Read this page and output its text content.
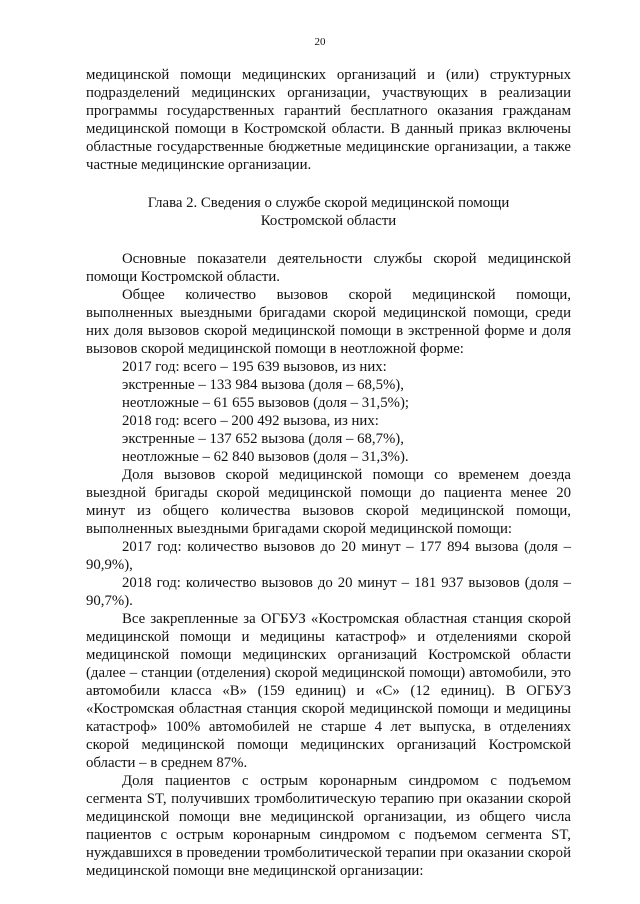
20

медицинской помощи медицинских организаций и (или) структурных подразделений медицинских организации, участвующих в реализации программы государственных гарантий бесплатного оказания гражданам медицинской помощи в Костромской области. В данный приказ включены областные государственные бюджетные медицинские организации, а также частные медицинские организации.

Глава 2. Сведения о службе скорой медицинской помощи
Костромской области

Основные показатели деятельности службы скорой медицинской помощи Костромской области.

Общее количество вызовов скорой медицинской помощи, выполненных выездными бригадами скорой медицинской помощи, среди них доля вызовов скорой медицинской помощи в экстренной форме и доля вызовов скорой медицинской помощи в неотложной форме:

2017 год: всего – 195 639 вызовов, из них:

экстренные – 133 984 вызова (доля – 68,5%),

неотложные – 61 655 вызовов (доля – 31,5%);

2018 год: всего – 200 492 вызова, из них:

экстренные – 137 652 вызова (доля – 68,7%),

неотложные – 62 840 вызовов (доля – 31,3%).

Доля вызовов скорой медицинской помощи со временем доезда выездной бригады скорой медицинской помощи до пациента менее 20 минут из общего количества вызовов скорой медицинской помощи, выполненных выездными бригадами скорой медицинской помощи:

2017 год: количество вызовов до 20 минут – 177 894 вызова (доля – 90,9%),

2018 год: количество вызовов до 20 минут – 181 937 вызовов (доля – 90,7%).

Все закрепленные за ОГБУЗ «Костромская областная станция скорой медицинской помощи и медицины катастроф» и отделениями скорой медицинской помощи медицинских организаций Костромской области (далее – станции (отделения) скорой медицинской помощи) автомобили, это автомобили класса «В» (159 единиц) и «С» (12 единиц). В ОГБУЗ «Костромская областная станция скорой медицинской помощи и медицины катастроф» 100% автомобилей не старше 4 лет выпуска, в отделениях скорой медицинской помощи медицинских организаций Костромской области – в среднем 87%.

Доля пациентов с острым коронарным синдромом с подъемом сегмента ST, получивших тромболитическую терапию при оказании скорой медицинской помощи вне медицинской организации, из общего числа пациентов с острым коронарным синдромом с подъемом сегмента ST, нуждавшихся в проведении тромболитической терапии при оказании скорой медицинской помощи вне медицинской организации:
